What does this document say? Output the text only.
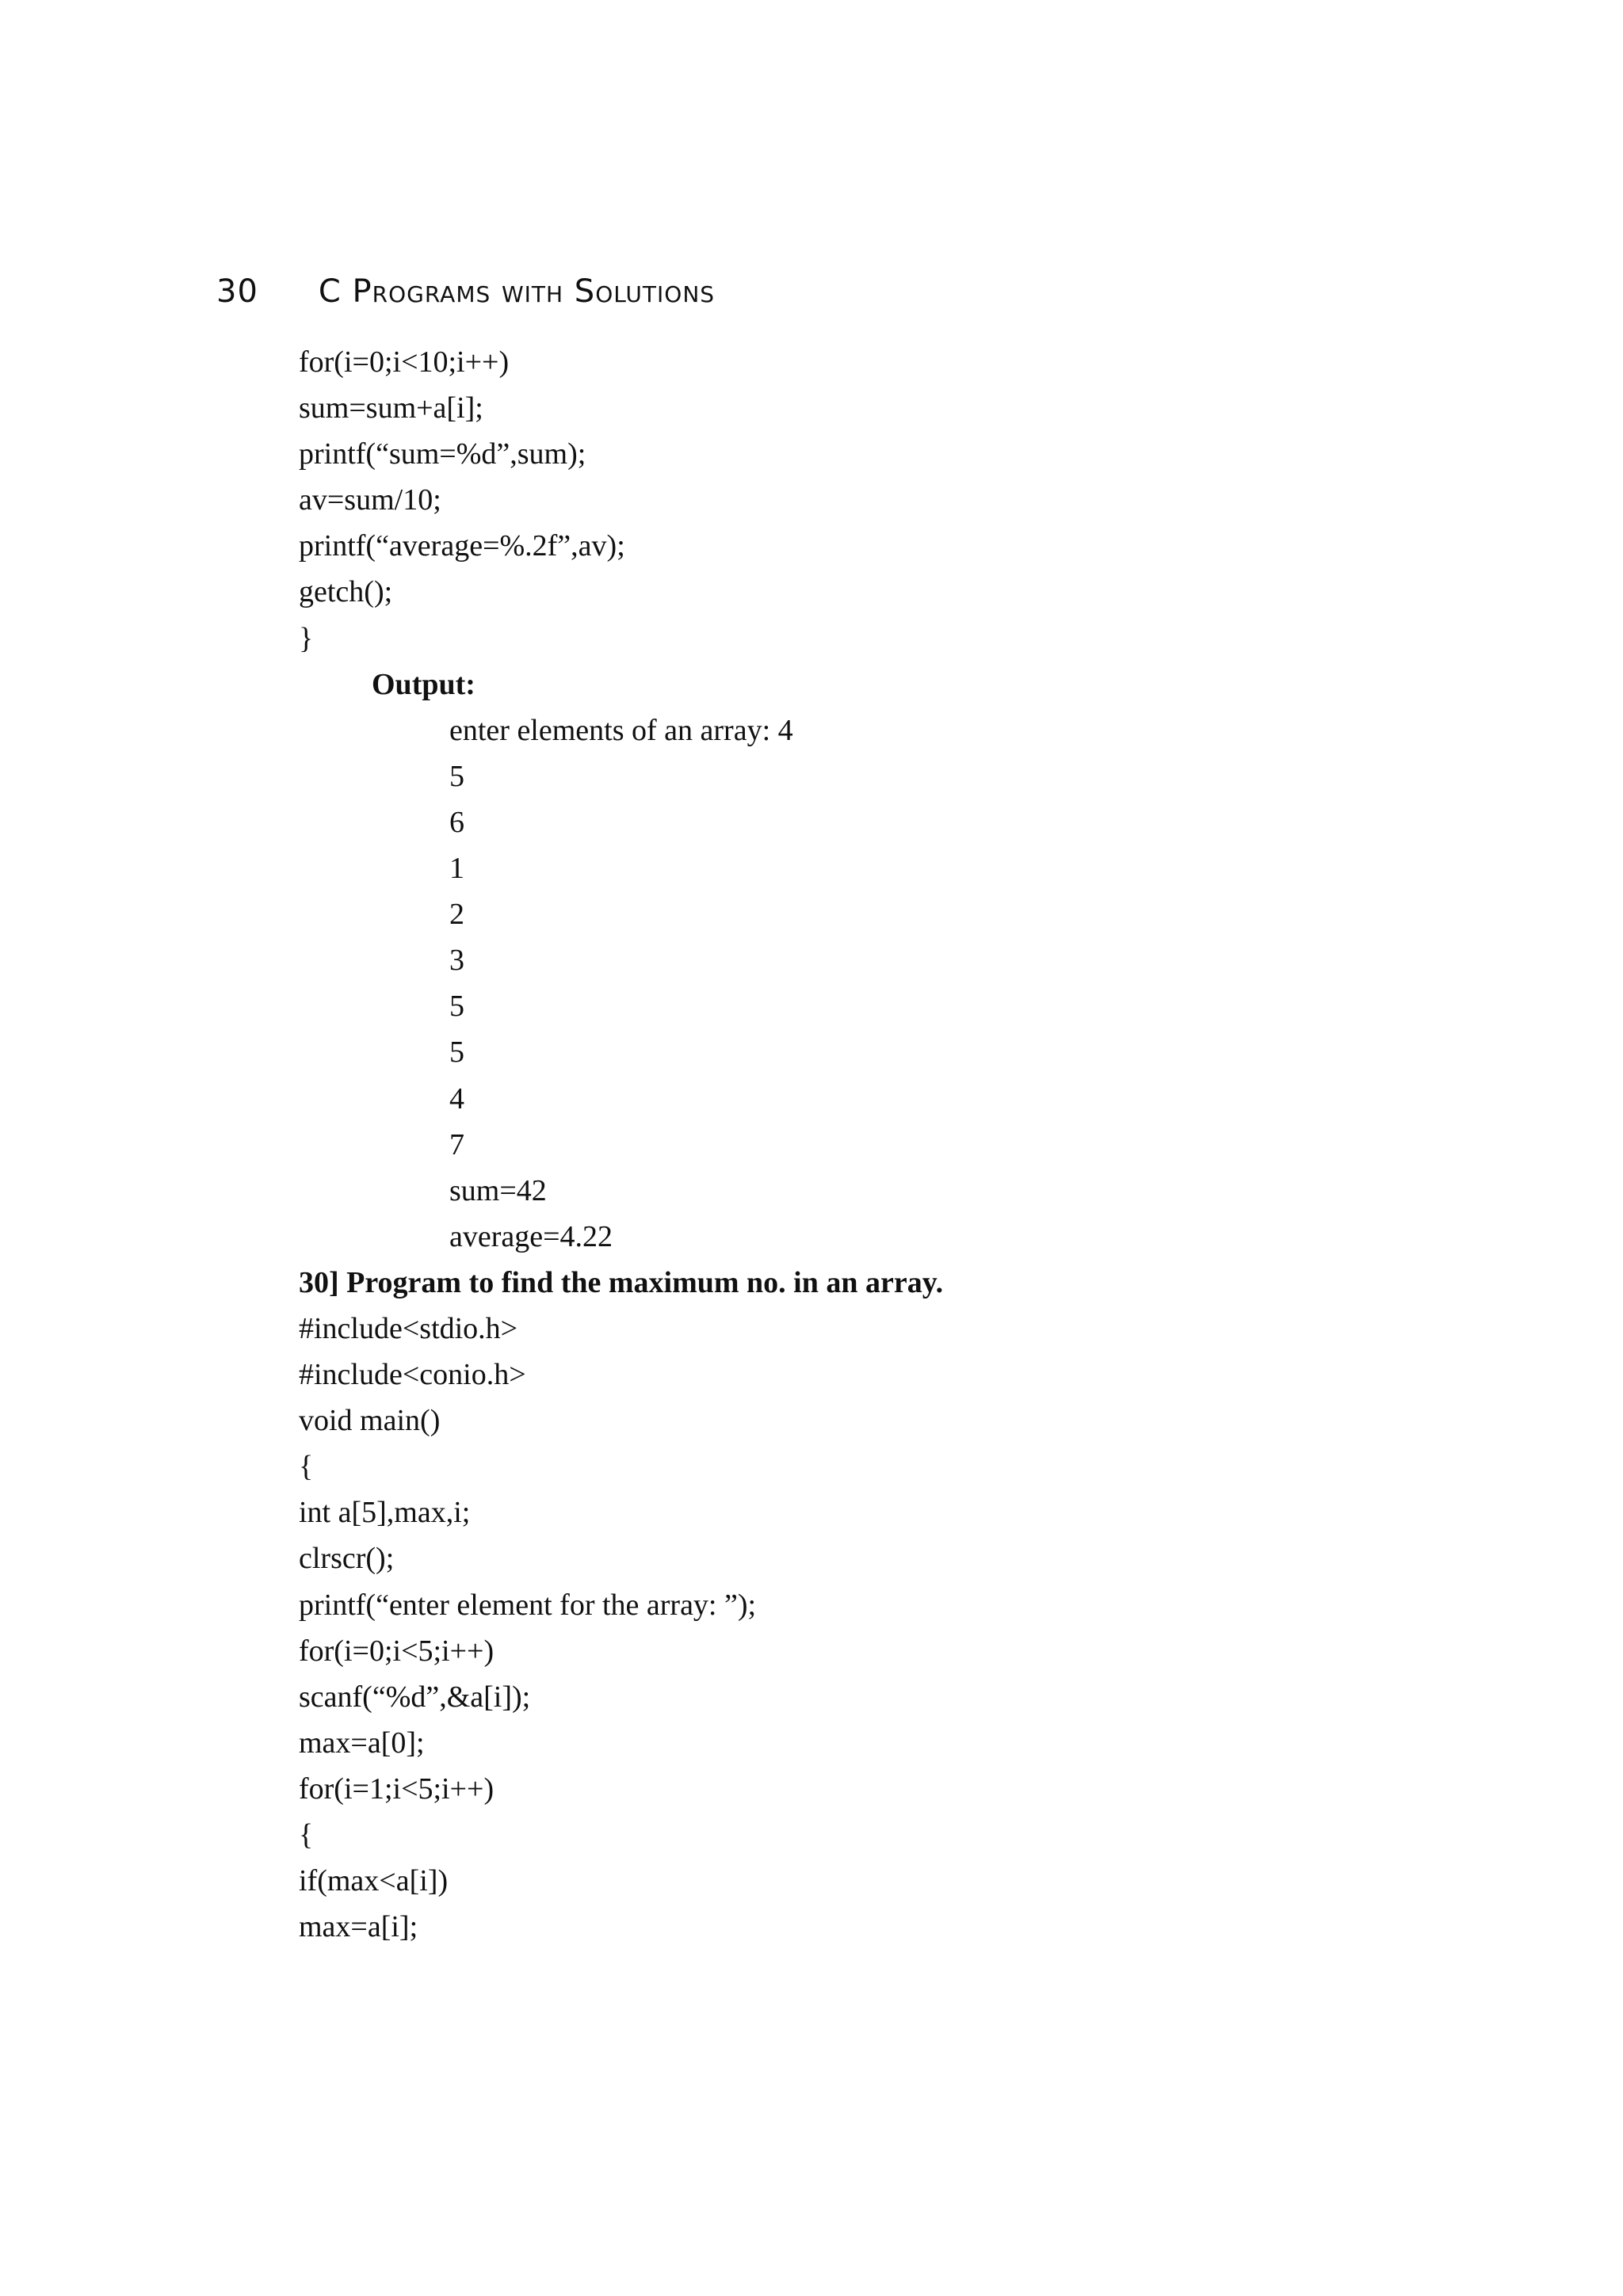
30 C Programs with Solutions
for(i=0;i<10;i++)
sum=sum+a[i];
printf(“sum=%d”,sum);
av=sum/10;
printf(“average=%.2f”,av);
getch();
}
Output:
enter elements of an array: 4
5
6
1
2
3
5
5
4
7
sum=42
average=4.22
30] Program to find the maximum no. in an array.
#include<stdio.h>
#include<conio.h>
void main()
{
int a[5],max,i;
clrscr();
printf(“enter element for the array: ”);
for(i=0;i<5;i++)
scanf(“%d”,&a[i]);
max=a[0];
for(i=1;i<5;i++)
{
if(max<a[i])
max=a[i];
